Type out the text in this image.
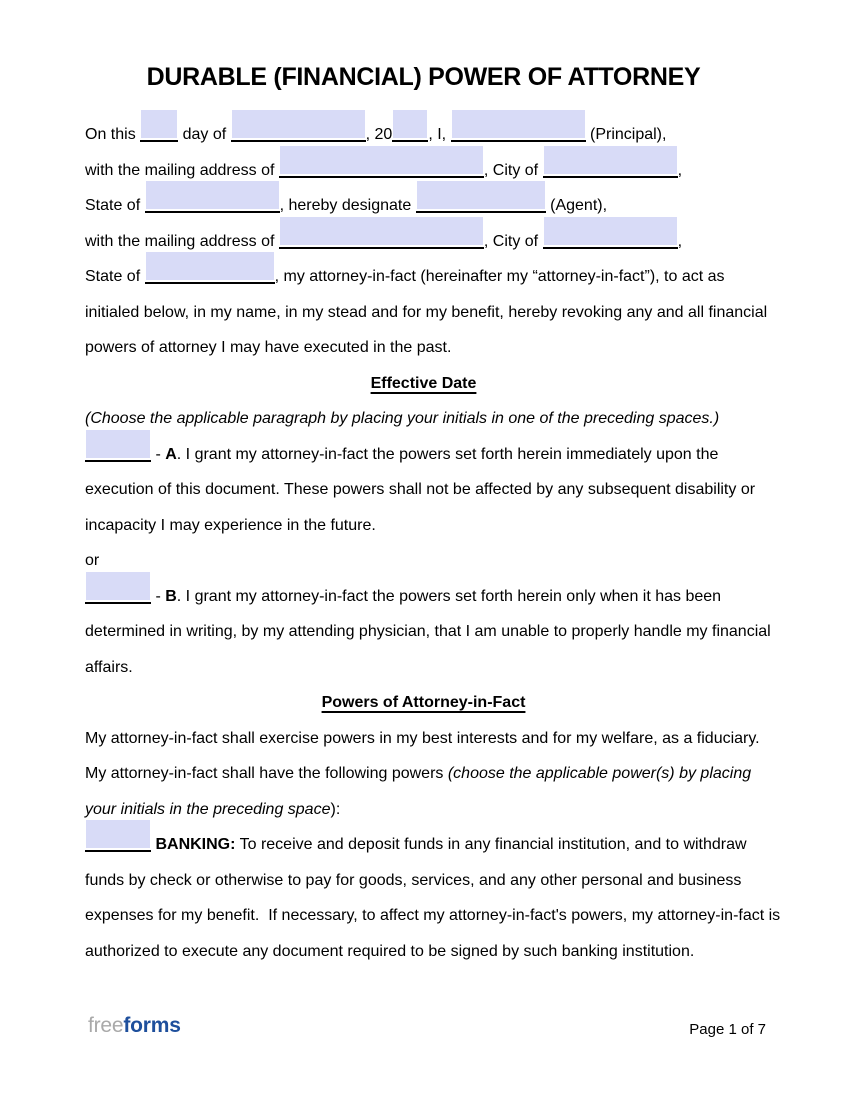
DURABLE (FINANCIAL) POWER OF ATTORNEY
On this  day of	, 20 , I,	(Principal),
with the mailing address of	, City of	,
State of	, hereby designate	(Agent),
with the mailing address of	, City of	,
State of	, my attorney-in-fact (hereinafter my “attorney-in-fact”), to act as
initialed below, in my name, in my stead and for my benefit, hereby revoking any and all financial
powers of attorney I may have executed in the past.
Effective Date
(Choose the applicable paragraph by placing your initials in one of the preceding spaces.)
- A. I grant my attorney-in-fact the powers set forth herein immediately upon the
execution of this document. These powers shall not be affected by any subsequent disability or
incapacity I may experience in the future.
or
- B. I grant my attorney-in-fact the powers set forth herein only when it has been
determined in writing, by my attending physician, that I am unable to properly handle my financial
affairs.
Powers of Attorney-in-Fact
My attorney-in-fact shall exercise powers in my best interests and for my welfare, as a fiduciary.
My attorney-in-fact shall have the following powers (choose the applicable power(s) by placing
your initials in the preceding space):
BANKING: To receive and deposit funds in any financial institution, and to withdraw
funds by check or otherwise to pay for goods, services, and any other personal and business
expenses for my benefit.  If necessary, to affect my attorney-in-fact's powers, my attorney-in-fact is
authorized to execute any document required to be signed by such banking institution.
freeforms	Page 1 of 7
